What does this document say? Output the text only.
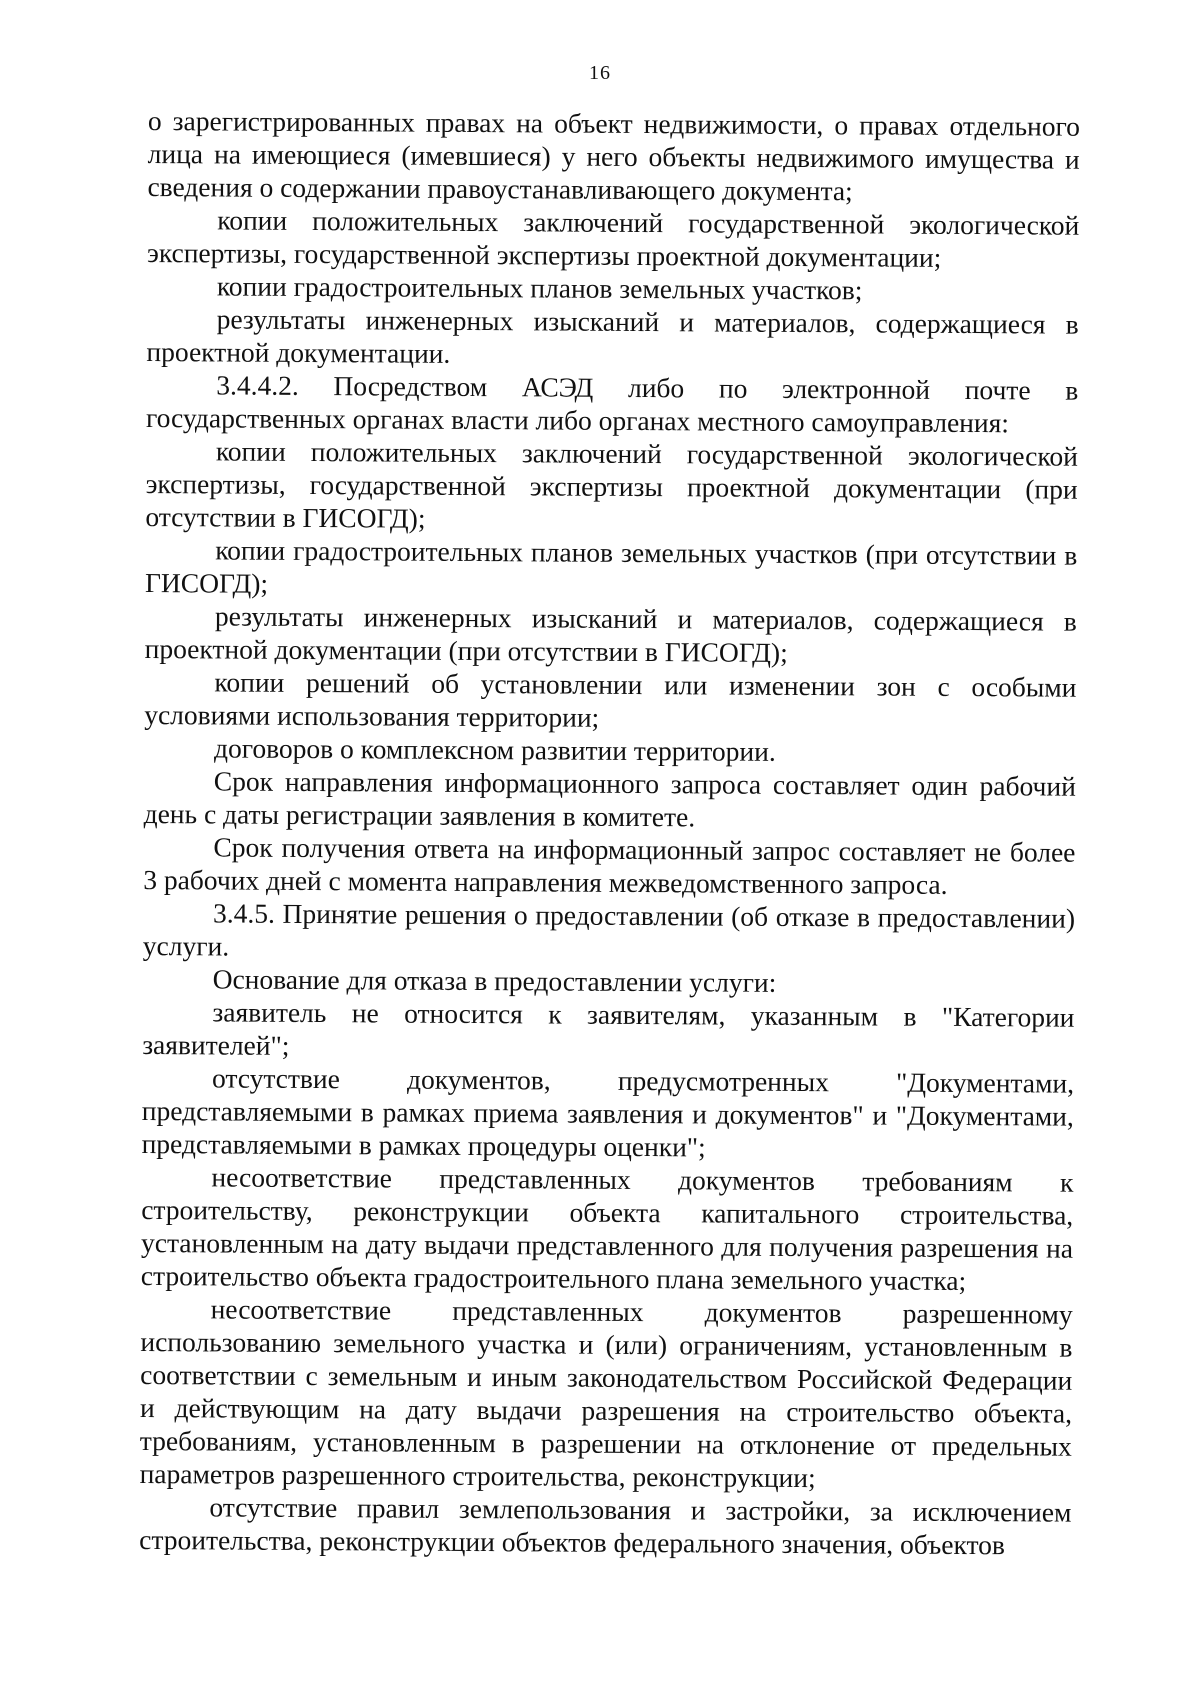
16

о зарегистрированных правах на объект недвижимости, о правах отдельного лица на имеющиеся (имевшиеся) у него объекты недвижимого имущества и сведения о содержании правоустанавливающего документа;

копии положительных заключений государственной экологической экспертизы, государственной экспертизы проектной документации;

копии градостроительных планов земельных участков;

результаты инженерных изысканий и материалов, содержащиеся в проектной документации.

3.4.4.2. Посредством АСЭД либо по электронной почте в государственных органах власти либо органах местного самоуправления:

копии положительных заключений государственной экологической экспертизы, государственной экспертизы проектной документации (при отсутствии в ГИСОГД);

копии градостроительных планов земельных участков (при отсутствии в ГИСОГД);

результаты инженерных изысканий и материалов, содержащиеся в проектной документации (при отсутствии в ГИСОГД);

копии решений об установлении или изменении зон с особыми условиями использования территории;

договоров о комплексном развитии территории.

Срок направления информационного запроса составляет один рабочий день с даты регистрации заявления в комитете.

Срок получения ответа на информационный запрос составляет не более 3 рабочих дней с момента направления межведомственного запроса.

3.4.5. Принятие решения о предоставлении (об отказе в предоставлении) услуги.

Основание для отказа в предоставлении услуги:

заявитель не относится к заявителям, указанным в "Категории заявителей";

отсутствие документов, предусмотренных "Документами, представляемыми в рамках приема заявления и документов" и "Документами, представляемыми в рамках процедуры оценки";

несоответствие представленных документов требованиям к строительству, реконструкции объекта капитального строительства, установленным на дату выдачи представленного для получения разрешения на строительство объекта градостроительного плана земельного участка;

несоответствие представленных документов разрешенному использованию земельного участка и (или) ограничениям, установленным в соответствии с земельным и иным законодательством Российской Федерации и действующим на дату выдачи разрешения на строительство объекта, требованиям, установленным в разрешении на отклонение от предельных параметров разрешенного строительства, реконструкции;

отсутствие правил землепользования и застройки, за исключением строительства, реконструкции объектов федерального значения, объектов
